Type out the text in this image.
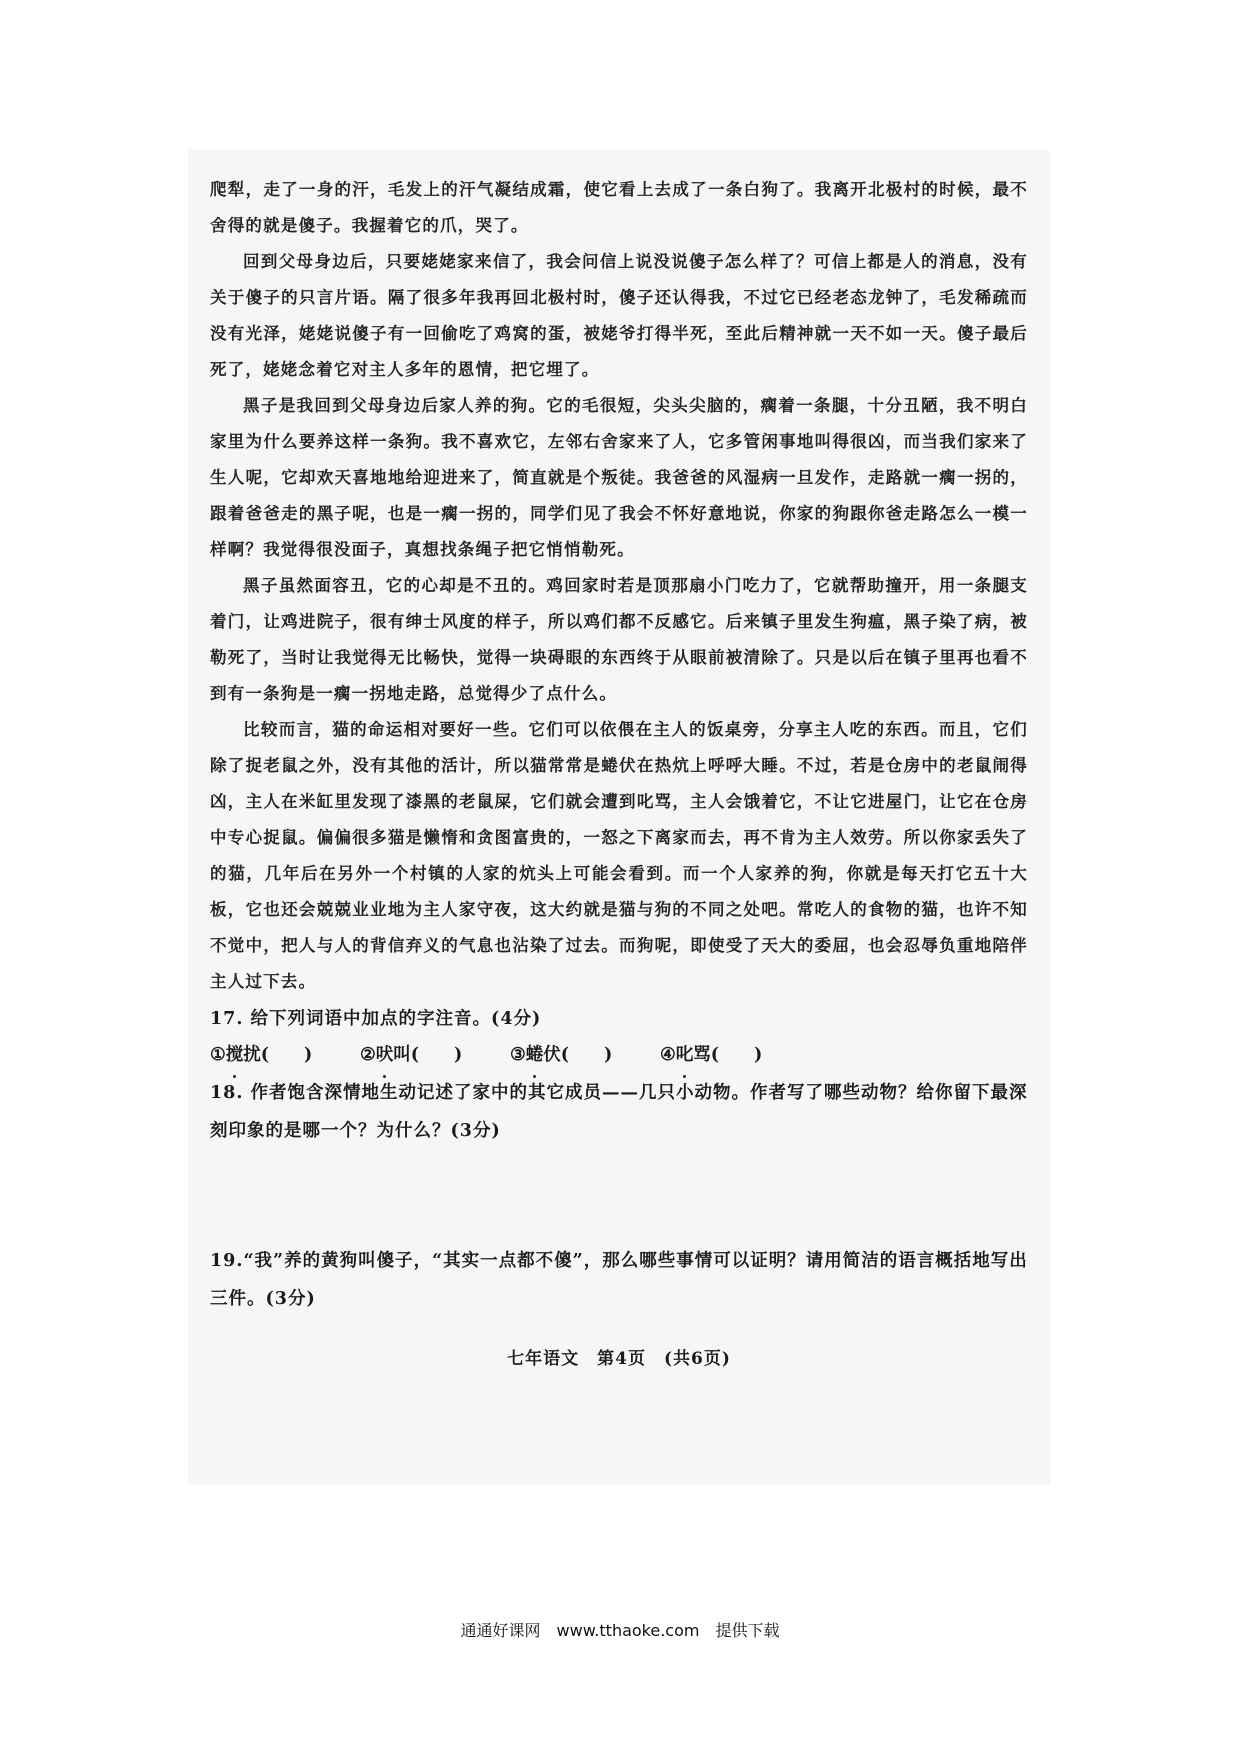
爬犁，走了一身的汗，毛发上的汗气凝结成霜，使它看上去成了一条白狗了。我离开北极村的时候，最不舍得的就是傻子。我握着它的爪，哭了。

回到父母身边后，只要姥姥家来信了，我会问信上说没说傻子怎么样了？可信上都是人的消息，没有关于傻子的只言片语。隔了很多年我再回北极村时，傻子还认得我，不过它已经老态龙钟了，毛发稀疏而没有光泽，姥姥说傻子有一回偷吃了鸡窝的蛋，被姥爷打得半死，至此后精神就一天不如一天。傻子最后死了，姥姥念着它对主人多年的恩情，把它埋了。

黑子是我回到父母身边后家人养的狗。它的毛很短，尖头尖脑的，瘸着一条腿，十分丑陋，我不明白家里为什么要养这样一条狗。我不喜欢它，左邻右舍家来了人，它多管闲事地叫得很凶，而当我们家来了生人呢，它却欢天喜地地给迎进来了，简直就是个叛徒。我爸爸的风湿病一旦发作，走路就一瘸一拐的，跟着爸爸走的黑子呢，也是一瘸一拐的，同学们见了我会不怀好意地说，你家的狗跟你爸走路怎么一模一样啊？我觉得很没面子，真想找条绳子把它悄悄勒死。

黑子虽然面容丑，它的心却是不丑的。鸡回家时若是顶那扇小门吃力了，它就帮助撞开，用一条腿支着门，让鸡进院子，很有绅士风度的样子，所以鸡们都不反感它。后来镇子里发生狗瘟，黑子染了病，被勒死了，当时让我觉得无比畅快，觉得一块碍眼的东西终于从眼前被清除了。只是以后在镇子里再也看不到有一条狗是一瘸一拐地走路，总觉得少了点什么。

比较而言，猫的命运相对要好一些。它们可以依偎在主人的饭桌旁，分享主人吃的东西。而且，它们除了捉老鼠之外，没有其他的活计，所以猫常常是蜷伏在热炕上呼呼大睡。不过，若是仓房中的老鼠闹得凶，主人在米缸里发现了漆黑的老鼠屎，它们就会遭到叱骂，主人会饿着它，不让它进屋门，让它在仓房中专心捉鼠。偏偏很多猫是懒惰和贪图富贵的，一怒之下离家而去，再不肯为主人效劳。所以你家丢失了的猫，几年后在另外一个村镇的人家的炕头上可能会看到。而一个人家养的狗，你就是每天打它五十大板，它也还会兢兢业业地为主人家守夜，这大约就是猫与狗的不同之处吧。常吃人的食物的猫，也许不知不觉中，把人与人的背信弃义的气息也沾染了过去。而狗呢，即使受了天大的委屈，也会忍辱负重地陪伴主人过下去。

17. 给下列词语中加点的字注音。(4分)

①搅扰(　　)	②吠叫(　　)	③蜷伏(　　)	④叱骂(　　)

18. 作者饱含深情地生动记述了家中的其它成员——几只小动物。作者写了哪些动物？给你留下最深刻印象的是哪一个？为什么？(3分)

19.“我”养的黄狗叫傻子，“其实一点都不傻”，那么哪些事情可以证明？请用简洁的语言概括地写出三件。(3分)

七年语文　第4页　(共6页)
通通好课网　www.tthaoke.com　提供下载
